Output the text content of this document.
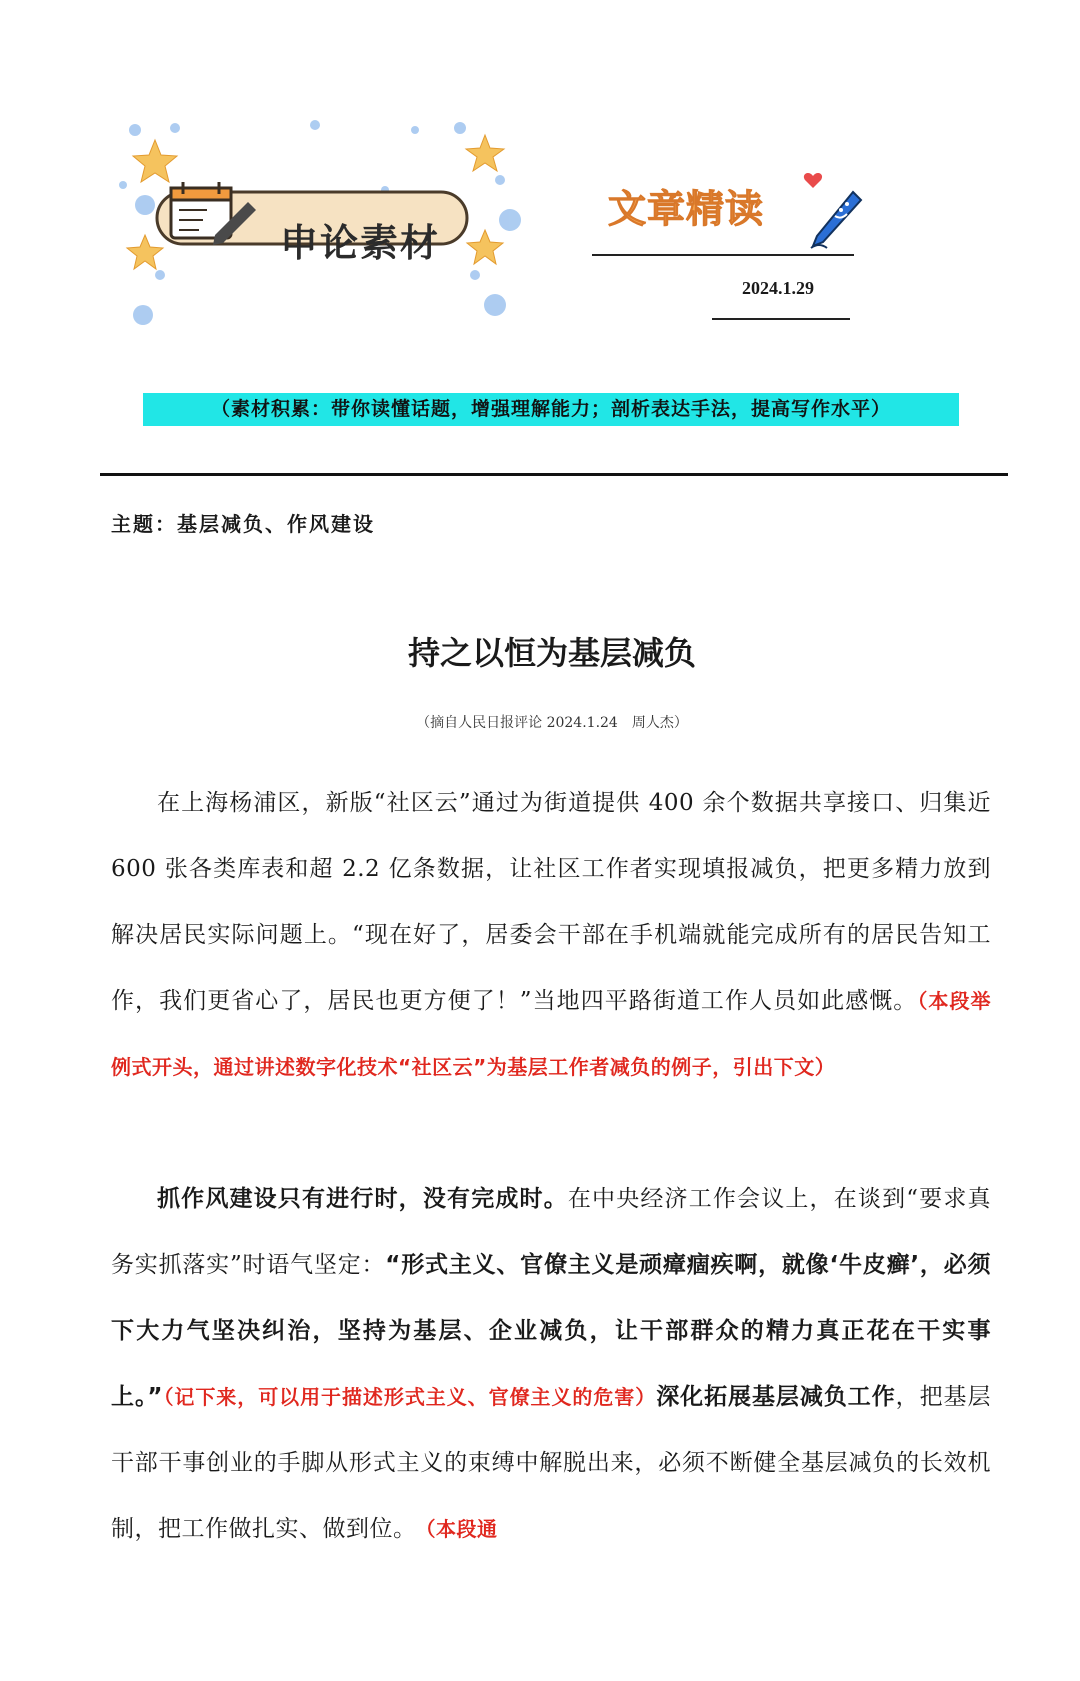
申论素材
文章精读
2024.1.29
（素材积累：带你读懂话题，增强理解能力；剖析表达手法，提高写作水平）
主题：基层减负、作风建设
持之以恒为基层减负
（摘自人民日报评论 2024.1.24　周人杰）
在上海杨浦区，新版“社区云”通过为街道提供 400 余个数据共享接口、归集近 600 张各类库表和超 2.2 亿条数据，让社区工作者实现填报减负，把更多精力放到解决居民实际问题上。“现在好了，居委会干部在手机端就能完成所有的居民告知工作，我们更省心了，居民也更方便了！”当地四平路街道工作人员如此感慨。（本段举例式开头，通过讲述数字化技术“社区云”为基层工作者减负的例子，引出下文）
抓作风建设只有进行时，没有完成时。在中央经济工作会议上，在谈到“要求真务实抓落实”时语气坚定：“形式主义、官僚主义是顽瘴痼疾啊，就像‘牛皮癣’，必须下大力气坚决纠治，坚持为基层、企业减负，让干部群众的精力真正花在干实事上。”（记下来，可以用于描述形式主义、官僚主义的危害）深化拓展基层减负工作，把基层干部干事创业的手脚从形式主义的束缚中解脱出来，必须不断健全基层减负的长效机制，把工作做扎实、做到位。　（本段通
